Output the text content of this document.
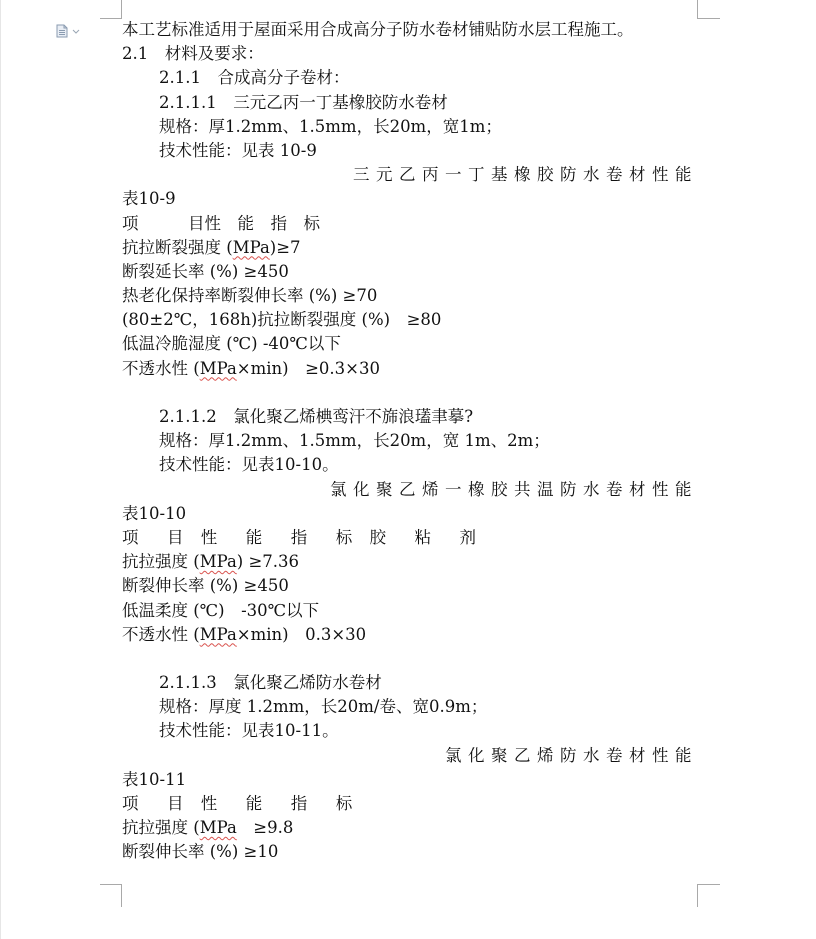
本工艺标准适用于屋面采用合成高分子防水卷材铺贴防水层工程施工。
2.1　材料及要求：
2.1.1　合成高分子卷材：
2.1.1.1　三元乙丙一丁基橡胶防水卷材
规格：厚1.2mm、1.5mm，长20m，宽1m；
技术性能：见表 10-9
三元乙丙一丁基橡胶防水卷材性能
表10-9
项　　　目性　能　指　标
抗拉断裂强度 (MPa)≥7
断裂延长率 (%) ≥450
热老化保持率断裂伸长率 (%) ≥70
(80±2℃，168h)抗拉断裂强度 (%)　≥80
低温冷脆湿度 (℃) -40℃以下
不透水性 (MPa×min)　≥0.3×30
2.1.1.2　氯化聚乙烯椣鸾汗不旆浪瓂聿摹?
规格：厚1.2mm、1.5mm，长20m，宽 1m、2m；
技术性能：见表10-10。
氯化聚乙烯一橡胶共温防水卷材性能
表10-10
项　目 性　能　指　标 胶　粘　剂
抗拉强度 (MPa) ≥7.36
断裂伸长率 (%) ≥450
低温柔度 (℃)　-30℃以下
不透水性 (MPa×min)　0.3×30
2.1.1.3　氯化聚乙烯防水卷材
规格：厚度 1.2mm，长20m/卷、宽0.9m；
技术性能：见表10-11。
氯化聚乙烯防水卷材性能
表10-11
项　目 性　能　指　标
抗拉强度 (MPa　≥9.8
断裂伸长率 (%) ≥10
